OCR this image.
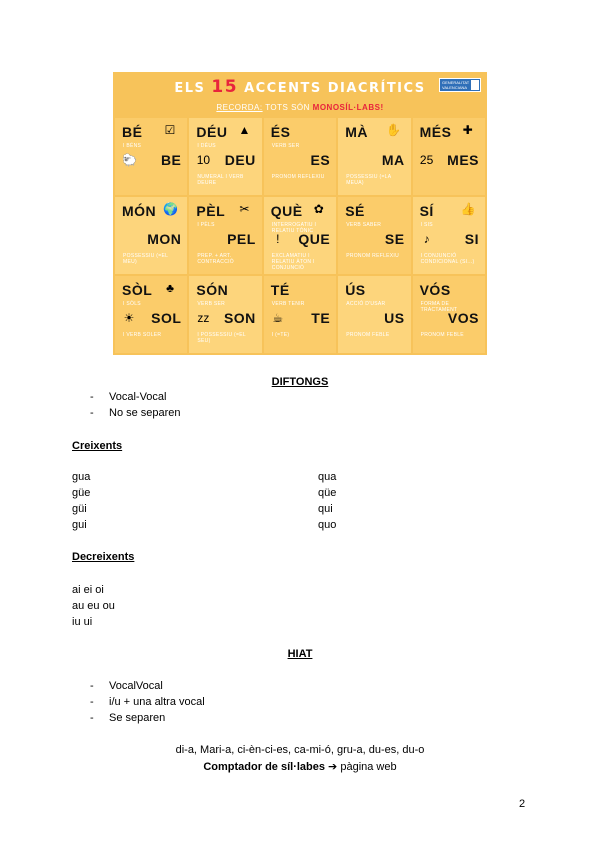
ELS 15 ACCENTS DIACRÍTICS	GENERALITAT VALENCIANA
RECORDA: TOTS SÓN MONOSÍL·LABS!
BÉ
I BÉNS
BE
☑
🐑
DÉU
I DÉUS
DEU
NUMERAL I VERB DEURE
▲
10
ÉS
VERB SER
ES
PRONOM REFLEXIU
MÀ
MA
POSSESSIU (=LA MEUA)
✋ MÉS
MES
✚
25
MÓN
MON
POSSESSIU (=EL MEU)
🌍 PÈL
I PÈLS
PEL
PREP. + ART. CONTRACCIÓ
✂ QUÈ
INTERROGATIU I RELATIU TÒNIC
QUE
EXCLAMATIU I RELATIU ÀTON I CONJUNCIÓ
✿
!
SÉ
VERB SABER
SE
PRONOM REFLEXIU
SÍ
I SIS
SI
I CONJUNCIÓ CONDICIONAL (SI...)
👍
♪
SÒL
I SÒLS
SOL
I VERB SOLER
♣
☀
SÓN
VERB SER
SON
I POSSESSIU (=EL SEU)
zz
TÉ
VERB TENIR
TE
I (=TE)
☕
ÚS
ACCIÓ D'USAR
US
PRONOM FEBLE
VÓS
FORMA DE TRACTAMENT
VOS
PRONOM FEBLE
DIFTONGS
- Vocal-Vocal
- No se separen
Creixents
gua
güe
güi
gui
qua
qüe
qui
quo
Decreixents
ai ei oi
au eu ou
iu ui
HIAT
- VocalVocal
- i/u + una altra vocal
- Se separen
di-a, Mari-a, ci-èn-ci-es, ca-mi-ó, gru-a, du-es, du-o
Comptador de síl·labes ➔ pàgina web
2
